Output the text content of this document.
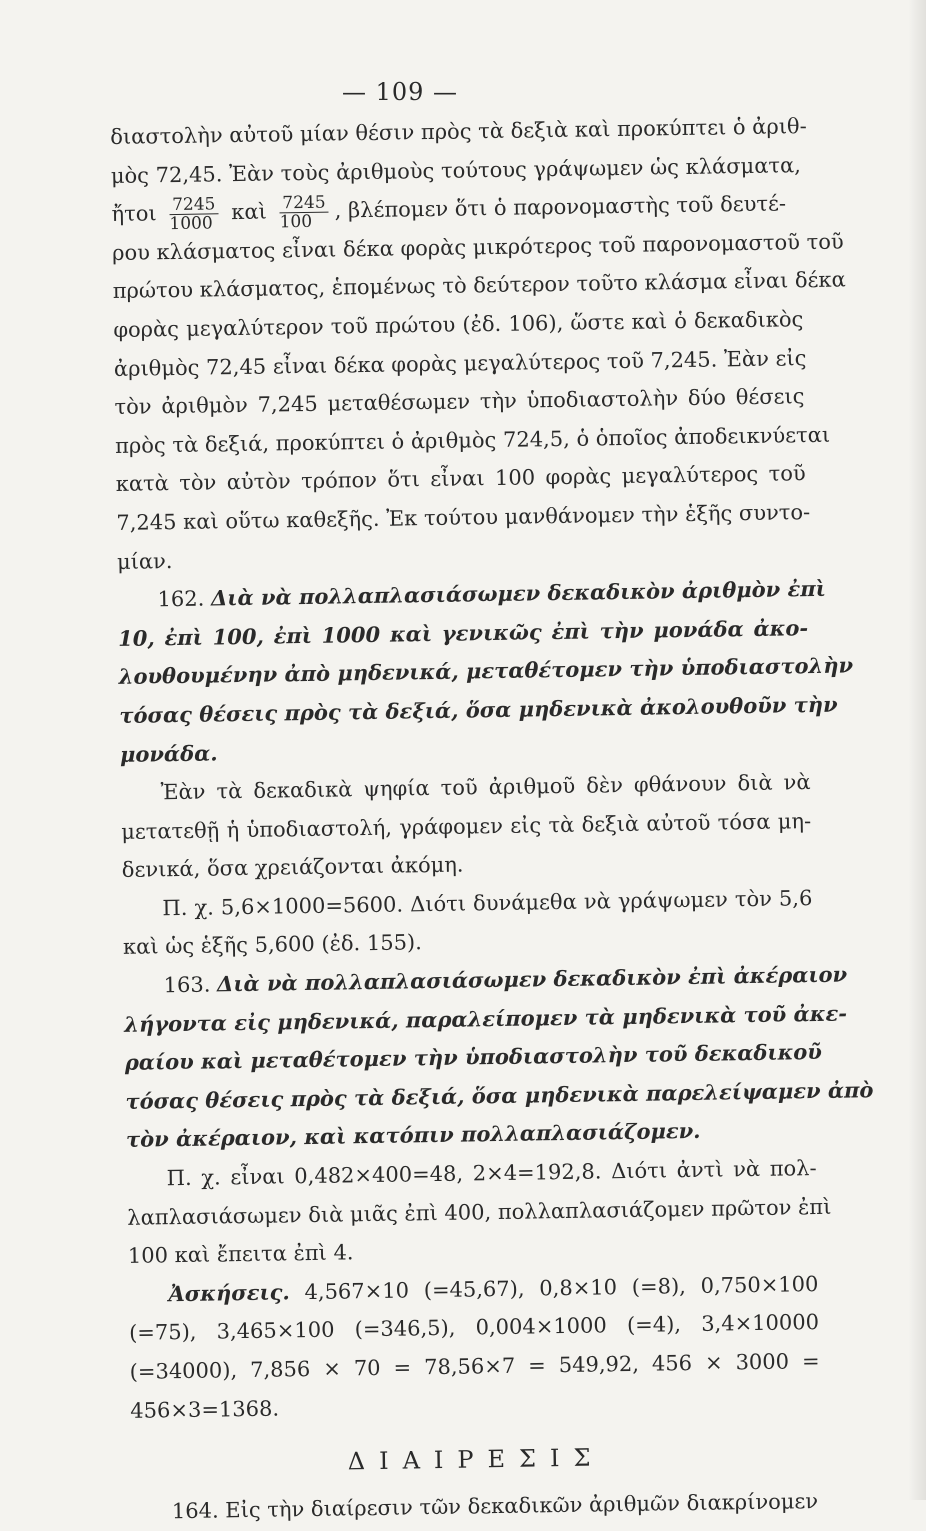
— 109 —
διαστολὴν αὐτοῦ μίαν θέσιν πρὸς τὰ δεξιὰ καὶ προκύπτει ὁ ἀριθ-
μὸς 72,45. Ἐὰν τοὺς ἀριθμοὺς τούτους γράψωμεν ὡς κλάσματα,
ἤτοι $\frac{7245}{1000}$ καὶ $\frac{7245}{100}$ , βλέπομεν ὅτι ὁ παρονομαστὴς τοῦ δευτέ-
ρου κλάσματος εἶναι δέκα φορὰς μικρότερος τοῦ παρονομαστοῦ τοῦ
πρώτου κλάσματος, ἑπομένως τὸ δεύτερον τοῦτο κλάσμα εἶναι δέκα
φορὰς μεγαλύτερον τοῦ πρώτου (ἐδ. 106), ὥστε καὶ ὁ δεκαδικὸς
ἀριθμὸς 72,45 εἶναι δέκα φορὰς μεγαλύτερος τοῦ 7,245. Ἐὰν εἰς
τὸν ἀριθμὸν 7,245 μεταθέσωμεν τὴν ὑποδιαστολὴν δύο θέσεις
πρὸς τὰ δεξιά, προκύπτει ὁ ἀριθμὸς 724,5, ὁ ὁποῖος ἀποδεικνύεται
κατὰ τὸν αὐτὸν τρόπον ὅτι εἶναι 100 φορὰς μεγαλύτερος τοῦ
7,245 καὶ οὕτω καθεξῆς. Ἐκ τούτου μανθάνομεν τὴν ἑξῆς συντο-
μίαν.
162. Διὰ νὰ πολλαπλασιάσωμεν δεκαδικὸν ἀριθμὸν ἐπὶ
10, ἐπὶ 100, ἐπὶ 1000 καὶ γενικῶς ἐπὶ τὴν μονάδα ἀκο-
λουθουμένην ἀπὸ μηδενικά, μεταθέτομεν τὴν ὑποδιαστολὴν
τόσας θέσεις πρὸς τὰ δεξιά, ὅσα μηδενικὰ ἀκολουθοῦν τὴν
μονάδα.
Ἐὰν τὰ δεκαδικὰ ψηφία τοῦ ἀριθμοῦ δὲν φθάνουν διὰ νὰ
μετατεθῇ ἡ ὑποδιαστολή, γράφομεν εἰς τὰ δεξιὰ αὐτοῦ τόσα μη-
δενικά, ὅσα χρειάζονται ἀκόμη.
Π. χ. 5,6×1000=5600. Διότι δυνάμεθα νὰ γράψωμεν τὸν 5,6
καὶ ὡς ἑξῆς 5,600 (ἐδ. 155).
163. Διὰ νὰ πολλαπλασιάσωμεν δεκαδικὸν ἐπὶ ἀκέραιον
λήγοντα εἰς μηδενικά, παραλείπομεν τὰ μηδενικὰ τοῦ ἀκε-
ραίου καὶ μεταθέτομεν τὴν ὑποδιαστολὴν τοῦ δεκαδικοῦ
τόσας θέσεις πρὸς τὰ δεξιά, ὅσα μηδενικὰ παρελείψαμεν ἀπὸ
τὸν ἀκέραιον, καὶ κατόπιν πολλαπλασιάζομεν.
Π. χ. εἶναι 0,482×400=48, 2×4=192,8. Διότι ἀντὶ νὰ πολ-
λαπλασιάσωμεν διὰ μιᾶς ἐπὶ 400, πολλαπλασιάζομεν πρῶτον ἐπὶ
100 καὶ ἔπειτα ἐπὶ 4.
Ἀσκήσεις. 4,567×10 (=45,67), 0,8×10 (=8), 0,750×100
(=75), 3,465×100 (=346,5), 0,004×1000 (=4), 3,4×10000
(=34000), 7,856 × 70 = 78,56×7 = 549,92, 456 × 3000 =
456×3=1368.
ΔΙΑΙΡΕΣΙΣ
164. Εἰς τὴν διαίρεσιν τῶν δεκαδικῶν ἀριθμῶν διακρίνομεν
